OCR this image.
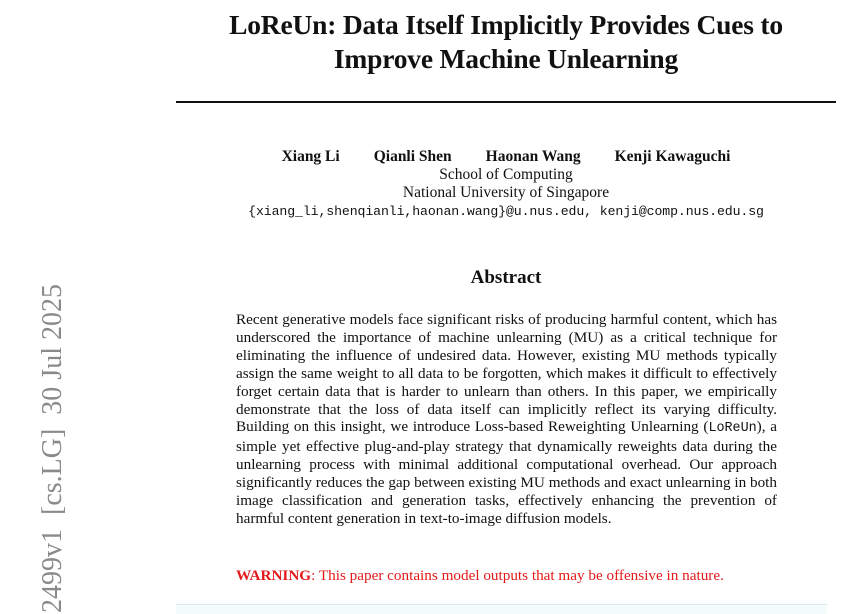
LoReUn: Data Itself Implicitly Provides Cues to
Improve Machine Unlearning
Xiang Li Qianli Shen Haonan Wang Kenji Kawaguchi
School of Computing
National University of Singapore
{xiang_li,shenqianli,haonan.wang}@u.nus.edu, kenji@comp.nus.edu.sg
2499v1  [cs.LG]  30 Jul 2025
Abstract
Recent generative models face significant risks of producing harmful content, which has underscored the importance of machine unlearning (MU) as a critical technique for eliminating the influence of undesired data. However, existing MU methods typically assign the same weight to all data to be forgotten, which makes it difficult to effectively forget certain data that is harder to unlearn than others. In this paper, we empirically demonstrate that the loss of data itself can implicitly reflect its varying difficulty. Building on this insight, we introduce Loss-based Reweighting Unlearning (LoReUn), a simple yet effective plug-and-play strategy that dynamically reweights data during the unlearning process with minimal additional computational overhead. Our approach significantly reduces the gap between existing MU methods and exact unlearning in both image classification and generation tasks, effectively enhancing the prevention of harmful content generation in text-to-image diffusion models.
WARNING: This paper contains model outputs that may be offensive in nature.
